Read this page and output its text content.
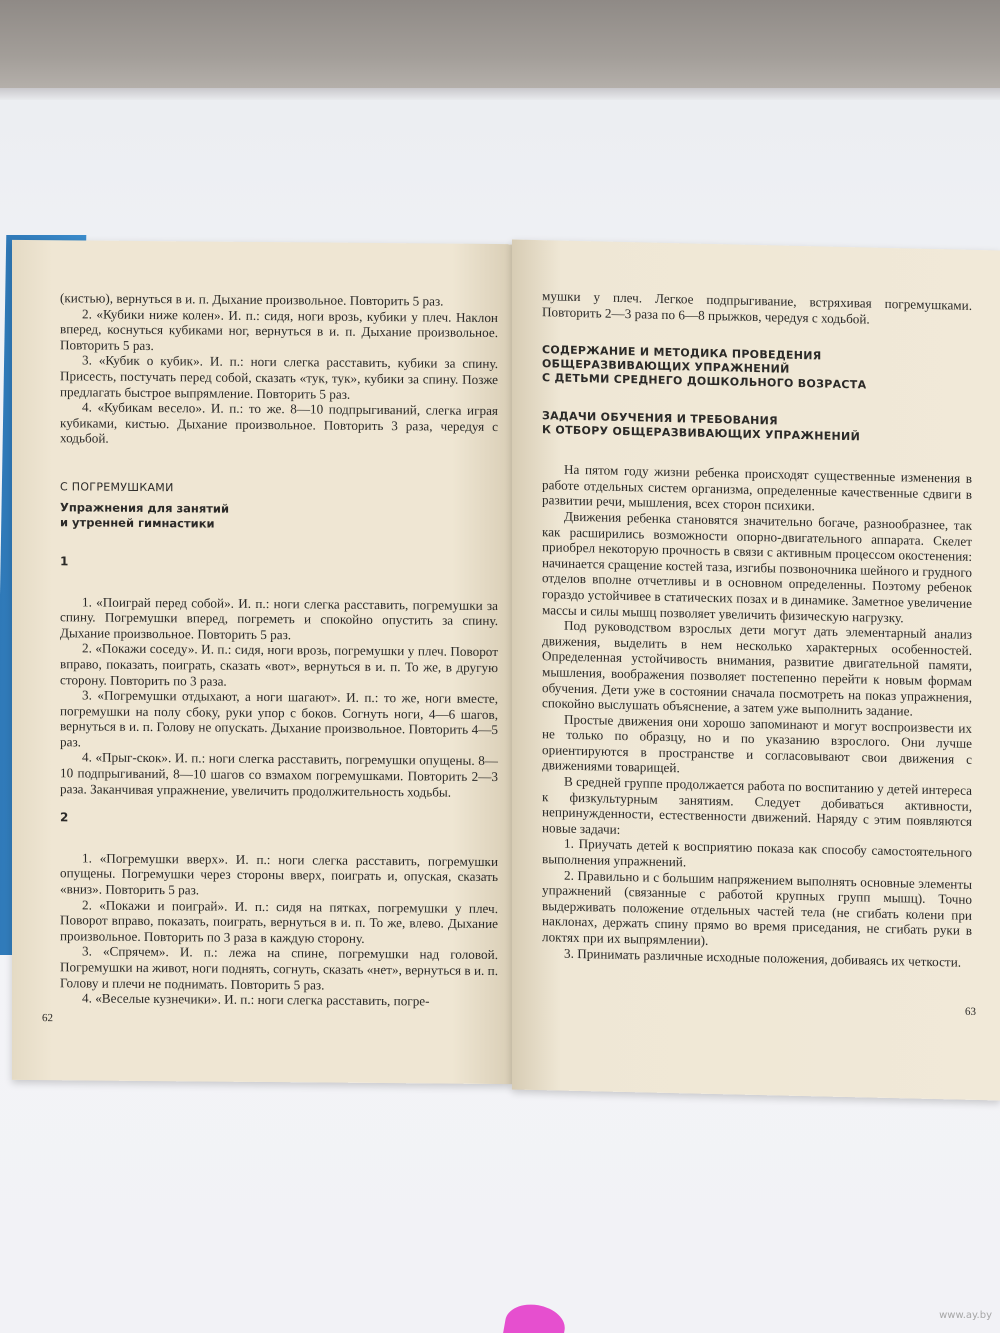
(кистью), вернуться в и. п. Дыхание произвольное. Повторить 5 раз.

2. «Кубики ниже колен». И. п.: сидя, ноги врозь, кубики у плеч. Наклон вперед, коснуться кубиками ног, вернуться в и. п. Дыхание произвольное. Повторить 5 раз.

3. «Кубик о кубик». И. п.: ноги слегка расставить, кубики за спину. Присесть, постучать перед собой, сказать «тук, тук», кубики за спину. Позже предлагать быстрое выпрямление. Повторить 5 раз.

4. «Кубикам весело». И. п.: то же. 8—10 подпрыгиваний, слегка играя кубиками, кистью. Дыхание произвольное. Повторить 3 раза, чередуя с ходьбой.

С ПОГРЕМУШКАМИ
Упражнения для занятий
и утренней гимнастики
1

1. «Поиграй перед собой». И. п.: ноги слегка расставить, погремушки за спину. Погремушки вперед, погреметь и спокойно опустить за спину. Дыхание произвольное. Повторить 5 раз.

2. «Покажи соседу». И. п.: сидя, ноги врозь, погремушки у плеч. Поворот вправо, показать, поиграть, сказать «вот», вернуться в и. п. То же, в другую сторону. Повторить по 3 раза.

3. «Погремушки отдыхают, а ноги шагают». И. п.: то же, ноги вместе, погремушки на полу сбоку, руки упор с боков. Согнуть ноги, 4—6 шагов, вернуться в и. п. Голову не опускать. Дыхание произвольное. Повторить 4—5 раз.

4. «Прыг-скок». И. п.: ноги слегка расставить, погремушки опущены. 8—10 подпрыгиваний, 8—10 шагов со взмахом погремушками. Повторить 2—3 раза. Заканчивая упражнение, увеличить продолжительность ходьбы.

2

1. «Погремушки вверх». И. п.: ноги слегка расставить, погремушки опущены. Погремушки через стороны вверх, поиграть и, опуская, сказать «вниз». Повторить 5 раз.

2. «Покажи и поиграй». И. п.: сидя на пятках, погремушки у плеч. Поворот вправо, показать, поиграть, вернуться в и. п. То же, влево. Дыхание произвольное. Повторить по 3 раза в каждую сторону.

3. «Спрячем». И. п.: лежа на спине, погремушки над головой. Погремушки на живот, ноги поднять, согнуть, сказать «нет», вернуться в и. п. Голову и плечи не поднимать. Повторить 5 раз.

4. «Веселые кузнечики». И. п.: ноги слегка расставить, погре-

62

мушки у плеч. Легкое подпрыгивание, встряхивая погремушками. Повторить 2—3 раза по 6—8 прыжков, чередуя с ходьбой.

СОДЕРЖАНИЕ И МЕТОДИКА ПРОВЕДЕНИЯ
ОБЩЕРАЗВИВАЮЩИХ УПРАЖНЕНИЙ
С ДЕТЬМИ СРЕДНЕГО ДОШКОЛЬНОГО ВОЗРАСТА
ЗАДАЧИ ОБУЧЕНИЯ И ТРЕБОВАНИЯ
К ОТБОРУ ОБЩЕРАЗВИВАЮЩИХ УПРАЖНЕНИЙ

На пятом году жизни ребенка происходят существенные изменения в работе отдельных систем организма, определенные качественные сдвиги в развитии речи, мышления, всех сторон психики.

Движения ребенка становятся значительно богаче, разнообразнее, так как расширились возможности опорно-двигательного аппарата. Скелет приобрел некоторую прочность в связи с активным процессом окостенения: начинается сращение костей таза, изгибы позвоночника шейного и грудного отделов вполне отчетливы и в основном определенны. Поэтому ребенок гораздо устойчивее в статических позах и в динамике. Заметное увеличение массы и силы мышц позволяет увеличить физическую нагрузку.

Под руководством взрослых дети могут дать элементарный анализ движения, выделить в нем несколько характерных особенностей. Определенная устойчивость внимания, развитие двигательной памяти, мышления, воображения позволяет постепенно перейти к новым формам обучения. Дети уже в состоянии сначала посмотреть на показ упражнения, спокойно выслушать объяснение, а затем уже выполнить задание.

Простые движения они хорошо запоминают и могут воспроизвести их не только по образцу, но и по указанию взрослого. Они лучше ориентируются в пространстве и согласовывают свои движения с движениями товарищей.

В средней группе продолжается работа по воспитанию у детей интереса к физкультурным занятиям. Следует добиваться активности, непринужденности, естественности движений. Наряду с этим появляются новые задачи:

1. Приучать детей к восприятию показа как способу самостоятельного выполнения упражнений.

2. Правильно и с большим напряжением выполнять основные элементы упражнений (связанные с работой крупных групп мышц). Точно выдерживать положение отдельных частей тела (не сгибать колени при наклонах, держать спину прямо во время приседания, не сгибать руки в локтях при их выпрямлении).

3. Принимать различные исходные положения, добиваясь их четкости.

63
www.ay.by
